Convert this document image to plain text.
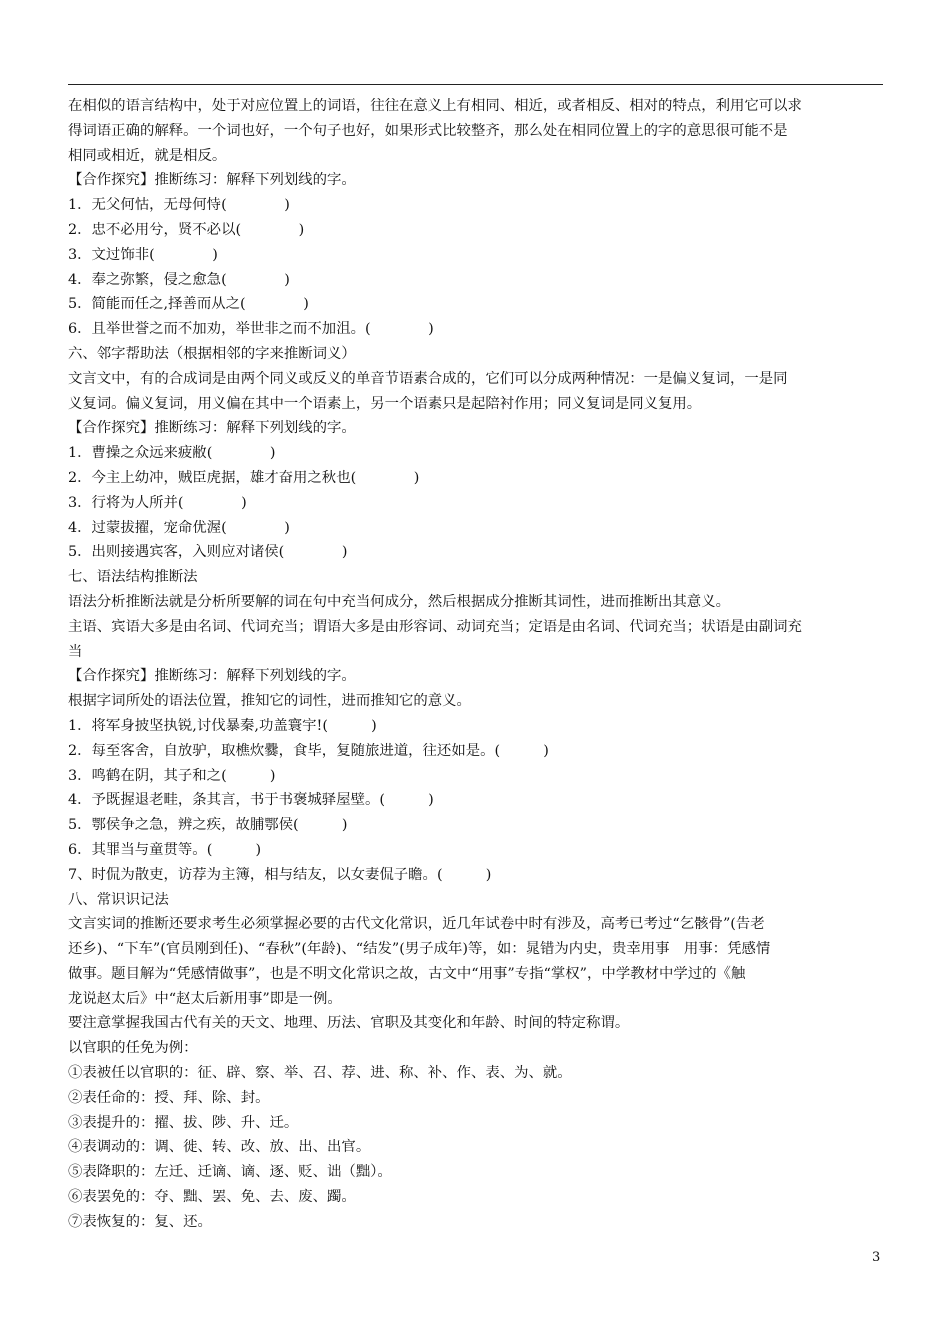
在相似的语言结构中，处于对应位置上的词语，往往在意义上有相同、相近，或者相反、相对的特点，利用它可以求
得词语正确的解释。一个词也好，一个句子也好，如果形式比较整齐，那么处在相同位置上的字的意思很可能不是
相同或相近，就是相反。
【合作探究】推断练习：解释下列划线的字。
1．无父何怙，无母何恃(　　　　)
2．忠不必用兮，贤不必以(　　　　)
3．文过饰非(　　　　)
4．奉之弥繁，侵之愈急(　　　　)
5．简能而任之,择善而从之(　　　　)
6．且举世誉之而不加劝，举世非之而不加沮。(　　　　)
六、邻字帮助法（根据相邻的字来推断词义）
文言文中，有的合成词是由两个同义或反义的单音节语素合成的，它们可以分成两种情况：一是偏义复词，一是同
义复词。偏义复词，用义偏在其中一个语素上，另一个语素只是起陪衬作用；同义复词是同义复用。
【合作探究】推断练习：解释下列划线的字。
1．曹操之众远来疲敝(　　　　)
2．今主上幼冲，贼臣虎据，雄才奋用之秋也(　　　　)
3．行将为人所并(　　　　)
4．过蒙拔擢，宠命优渥(　　　　)
5．出则接遇宾客，入则应对诸侯(　　　　)
七、语法结构推断法
语法分析推断法就是分析所要解的词在句中充当何成分，然后根据成分推断其词性，进而推断出其意义。
主语、宾语大多是由名词、代词充当；谓语大多是由形容词、动词充当；定语是由名词、代词充当；状语是由副词充
当
【合作探究】推断练习：解释下列划线的字。
根据字词所处的语法位置，推知它的词性，进而推知它的意义。
1．将军身披坚执锐,讨伐暴秦,功盖寰宇!(　　　)
2．每至客舍，自放驴，取樵炊爨，食毕，复随旅进道，往还如是。(　　　)
3．鸣鹤在阴，其子和之(　　　)
4．予既握退老畦，条其言，书于书褒城驿屋壁。(　　　)
5．鄂侯争之急，辨之疾，故脯鄂侯(　　　)
6．其罪当与童贯等。(　　　)
7、时侃为散吏，访荐为主簿，相与结友，以女妻侃子瞻。(　　　)
八、常识识记法
文言实词的推断还要求考生必须掌握必要的古代文化常识，近几年试卷中时有涉及，高考已考过“乞骸骨”(告老
还乡)、“下车”(官员刚到任)、“春秋”(年龄)、“结发”(男子成年)等，如：晁错为内史，贵幸用事　用事：凭感情
做事。题目解为“凭感情做事”，也是不明文化常识之故，古文中“用事”专指“掌权”，中学教材中学过的《触
龙说赵太后》中“赵太后新用事”即是一例。
要注意掌握我国古代有关的天文、地理、历法、官职及其变化和年龄、时间的特定称谓。
以官职的任免为例：
①表被任以官职的：征、辟、察、举、召、荐、进、称、补、作、表、为、就。
②表任命的：授、拜、除、封。
③表提升的：擢、拔、陟、升、迁。
④表调动的：调、徙、转、改、放、出、出官。
⑤表降职的：左迁、迁谪、谪、逐、贬、诎（黜）。
⑥表罢免的：夺、黜、罢、免、去、废、躅。
⑦表恢复的：复、还。
3
